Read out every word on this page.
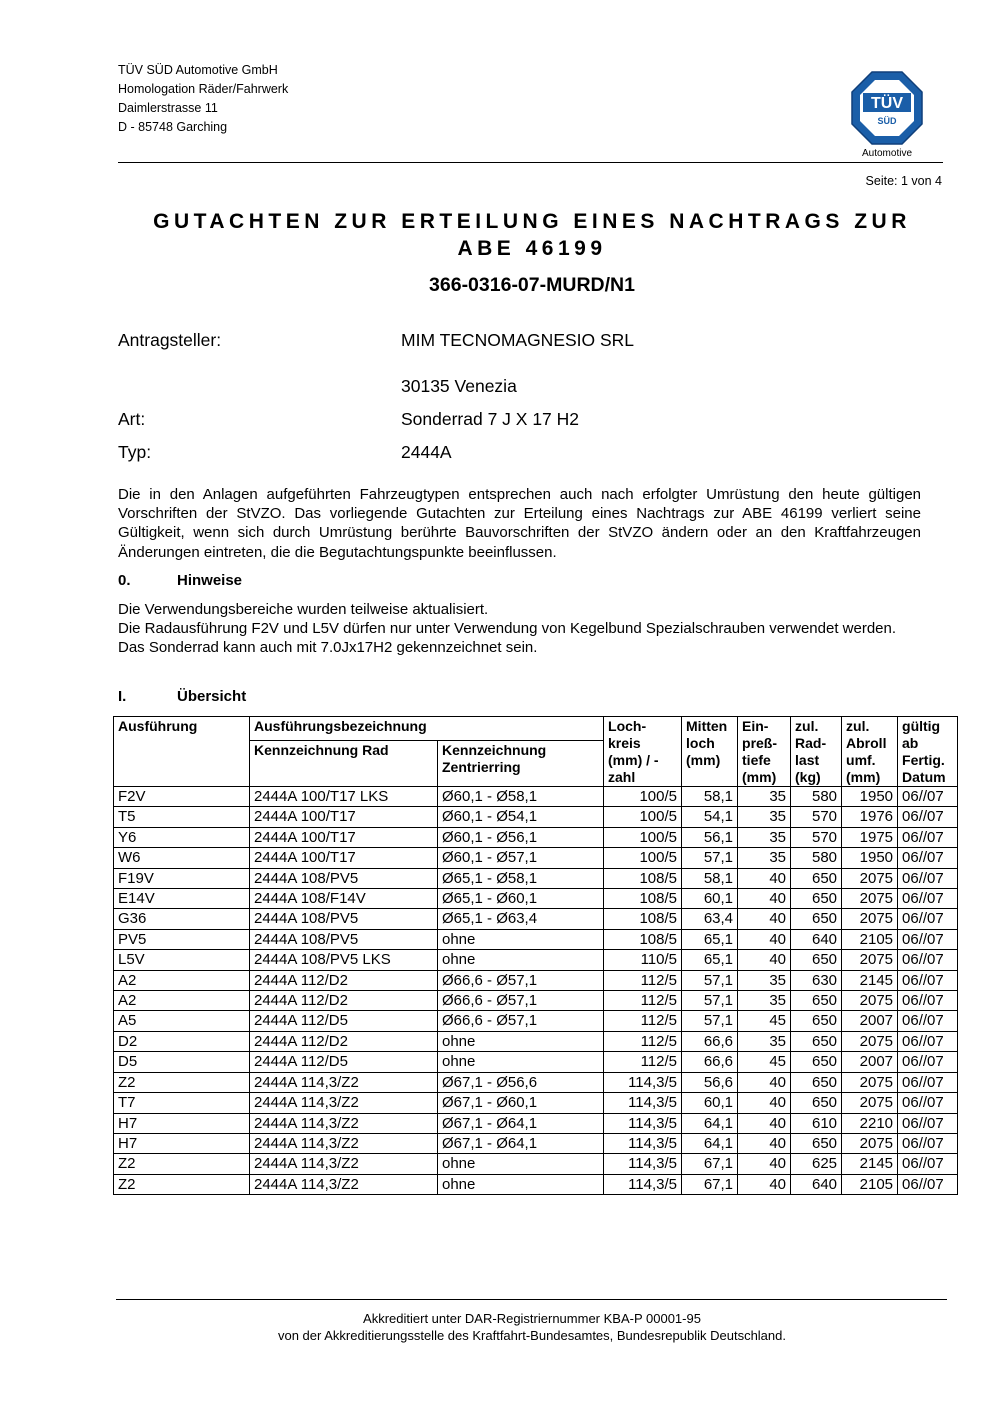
TÜV SÜD Automotive GmbH
Homologation Räder/Fahrwerk
Daimlerstrasse 11
D - 85748 Garching
TÜV
SÜD
Automotive
Seite: 1 von 4
GUTACHTEN ZUR ERTEILUNG EINES NACHTRAGS ZUR
ABE 46199
366-0316-07-MURD/N1
Antragsteller:	MIM TECNOMAGNESIO SRL
30135 Venezia
Art:	Sonderrad 7 J X 17 H2
Typ:	2444A
Die in den Anlagen aufgeführten Fahrzeugtypen entsprechen auch nach erfolgter Umrüstung den heute gültigen Vorschriften der StVZO. Das vorliegende Gutachten zur Erteilung eines Nachtrags zur ABE 46199 verliert seine Gültigkeit, wenn sich durch Umrüstung berührte Bauvorschriften der StVZO ändern oder an den Kraftfahrzeugen Änderungen eintreten, die die Begutachtungspunkte beeinflussen.
0.	Hinweise
Die Verwendungsbereiche wurden teilweise aktualisiert.
Die Radausführung F2V und L5V dürfen nur unter Verwendung von Kegelbund Spezialschrauben verwendet werden.
Das Sonderrad kann auch mit 7.0Jx17H2 gekennzeichnet sein.
I.	Übersicht
Ausführung	Ausführungsbezeichnung		Loch-kreis (mm) / -zahl	Mitten loch (mm)	Ein-preß-tiefe (mm)	zul. Rad-last (kg)	zul. Abroll umf. (mm)	gültig ab Fertig. Datum
	Kennzeichnung Rad	Kennzeichnung Zentrierring						
F2V	2444A 100/T17 LKS	Ø60,1 - Ø58,1	100/5	58,1	35	580	1950	06//07
T5	2444A 100/T17	Ø60,1 - Ø54,1	100/5	54,1	35	570	1976	06//07
Y6	2444A 100/T17	Ø60,1 - Ø56,1	100/5	56,1	35	570	1975	06//07
W6	2444A 100/T17	Ø60,1 - Ø57,1	100/5	57,1	35	580	1950	06//07
F19V	2444A 108/PV5	Ø65,1 - Ø58,1	108/5	58,1	40	650	2075	06//07
E14V	2444A 108/F14V	Ø65,1 - Ø60,1	108/5	60,1	40	650	2075	06//07
G36	2444A 108/PV5	Ø65,1 - Ø63,4	108/5	63,4	40	650	2075	06//07
PV5	2444A 108/PV5	ohne	108/5	65,1	40	640	2105	06//07
L5V	2444A 108/PV5 LKS	ohne	110/5	65,1	40	650	2075	06//07
A2	2444A 112/D2	Ø66,6 - Ø57,1	112/5	57,1	35	630	2145	06//07
A2	2444A 112/D2	Ø66,6 - Ø57,1	112/5	57,1	35	650	2075	06//07
A5	2444A 112/D5	Ø66,6 - Ø57,1	112/5	57,1	45	650	2007	06//07
D2	2444A 112/D2	ohne	112/5	66,6	35	650	2075	06//07
D5	2444A 112/D5	ohne	112/5	66,6	45	650	2007	06//07
Z2	2444A 114,3/Z2	Ø67,1 - Ø56,6	114,3/5	56,6	40	650	2075	06//07
T7	2444A 114,3/Z2	Ø67,1 - Ø60,1	114,3/5	60,1	40	650	2075	06//07
H7	2444A 114,3/Z2	Ø67,1 - Ø64,1	114,3/5	64,1	40	610	2210	06//07
H7	2444A 114,3/Z2	Ø67,1 - Ø64,1	114,3/5	64,1	40	650	2075	06//07
Z2	2444A 114,3/Z2	ohne	114,3/5	67,1	40	625	2145	06//07
Z2	2444A 114,3/Z2	ohne	114,3/5	67,1	40	640	2105	06//07
Akkreditiert unter DAR-Registriernummer KBA-P 00001-95
von der Akkreditierungsstelle des Kraftfahrt-Bundesamtes, Bundesrepublik Deutschland.
